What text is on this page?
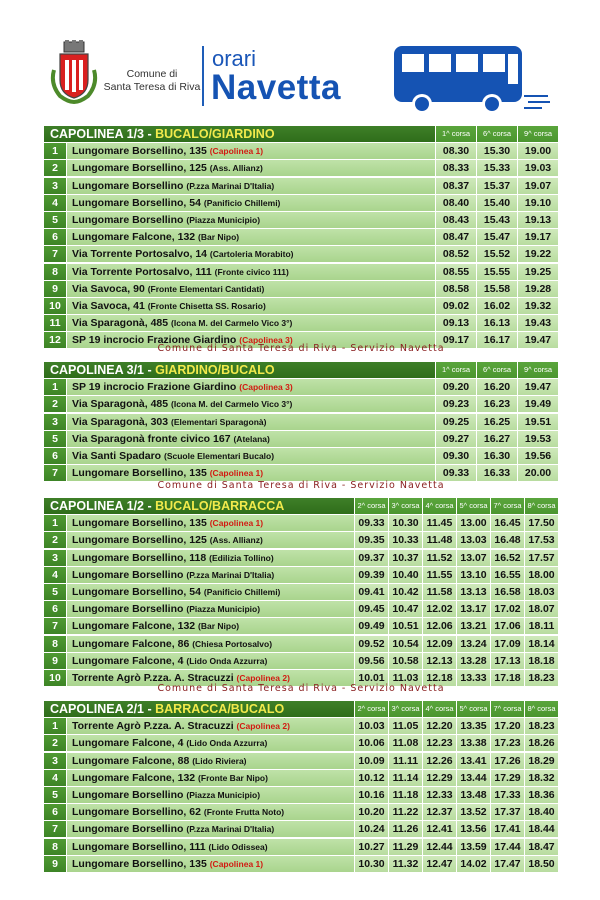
Comune di
Santa Teresa di Riva
orari
Navetta
CAPOLINEA 1/3 - BUCALO/GIARDINO	1^ corsa	6^ corsa	9^ corsa
1	Lungomare Borsellino, 135 (Capolinea 1)	08.30	15.30	19.00
2	Lungomare Borsellino, 125 (Ass. Allianz)	08.33	15.33	19.03
3	Lungomare Borsellino (P.zza Marinai D'Italia)	08.37	15.37	19.07
4	Lungomare Borsellino, 54 (Panificio Chillemi)	08.40	15.40	19.10
5	Lungomare Borsellino (Piazza Municipio)	08.43	15.43	19.13
6	Lungomare Falcone, 132 (Bar Nipo)	08.47	15.47	19.17
7	Via Torrente Portosalvo, 14 (Cartoleria Morabito)	08.52	15.52	19.22
8	Via Torrente Portosalvo, 111 (Fronte civico 111)	08.55	15.55	19.25
9	Via Savoca, 90 (Fronte Elementari Cantidati)	08.58	15.58	19.28
10	Via Savoca, 41 (Fronte Chisetta SS. Rosario)	09.02	16.02	19.32
11	Via Sparagonà, 485 (Icona M. del Carmelo Vico 3°)	09.13	16.13	19.43
12	SP 19 incrocio Frazione Giardino (Capolinea 3)	09.17	16.17	19.47
Comune di Santa Teresa di Riva - Servizio Navetta
CAPOLINEA 3/1 - GIARDINO/BUCALO	1^ corsa	6^ corsa	9^ corsa
1	SP 19 incrocio Frazione Giardino (Capolinea 3)	09.20	16.20	19.47
2	Via Sparagonà, 485 (Icona M. del Carmelo Vico 3°)	09.23	16.23	19.49
3	Via Sparagonà, 303 (Elementari Sparagonà)	09.25	16.25	19.51
5	Via Sparagonà fronte civico 167 (Atelana)	09.27	16.27	19.53
6	Via Santi Spadaro (Scuole Elementari Bucalo)	09.30	16.30	19.56
7	Lungomare Borsellino, 135 (Capolinea 1)	09.33	16.33	20.00
Comune di Santa Teresa di Riva - Servizio Navetta
CAPOLINEA 1/2 - BUCALO/BARRACCA	2^ corsa 3^ corsa 4^ corsa 5^ corsa 7^ corsa 8^ corsa
1	Lungomare Borsellino, 135 (Capolinea 1)	09.33 10.30 11.45 13.00 16.45 17.50
2	Lungomare Borsellino, 125 (Ass. Allianz)	09.35 10.33 11.48 13.03 16.48 17.53
3	Lungomare Borsellino, 118 (Edilizia Tollino)	09.37 10.37 11.52 13.07 16.52 17.57
4	Lungomare Borsellino (P.zza Marinai D'Italia)	09.39 10.40 11.55 13.10 16.55 18.00
5	Lungomare Borsellino, 54 (Panificio Chillemi)	09.41 10.42 11.58 13.13 16.58 18.03
6	Lungomare Borsellino (Piazza Municipio)	09.45 10.47 12.02 13.17 17.02 18.07
7	Lungomare Falcone, 132 (Bar Nipo)	09.49 10.51 12.06 13.21 17.06 18.11
8	Lungomare Falcone, 86 (Chiesa Portosalvo)	09.52 10.54 12.09 13.24 17.09 18.14
9	Lungomare Falcone, 4 (Lido Onda Azzurra)	09.56 10.58 12.13 13.28 17.13 18.18
10	Torrente Agrò P.zza. A. Stracuzzi (Capolinea 2)	10.01 11.03 12.18 13.33 17.18 18.23
Comune di Santa Teresa di Riva - Servizio Navetta
CAPOLINEA 2/1 - BARRACCA/BUCALO	2^ corsa 3^ corsa 4^ corsa 5^ corsa 7^ corsa 8^ corsa
1	Torrente Agrò P.zza. A. Stracuzzi (Capolinea 2)	10.03 11.05 12.20 13.35 17.20 18.23
2	Lungomare Falcone, 4 (Lido Onda Azzurra)	10.06 11.08 12.23 13.38 17.23 18.26
3	Lungomare Falcone, 88 (Lido Riviera)	10.09 11.11 12.26 13.41 17.26 18.29
4	Lungomare Falcone, 132 (Fronte Bar Nipo)	10.12 11.14 12.29 13.44 17.29 18.32
5	Lungomare Borsellino (Piazza Municipio)	10.16 11.18 12.33 13.48 17.33 18.36
6	Lungomare Borsellino, 62 (Fronte Frutta Noto)	10.20 11.22 12.37 13.52 17.37 18.40
7	Lungomare Borsellino (P.zza Marinai D'Italia)	10.24 11.26 12.41 13.56 17.41 18.44
8	Lungomare Borsellino, 111 (Lido Odissea)	10.27 11.29 12.44 13.59 17.44 18.47
9	Lungomare Borsellino, 135 (Capolinea 1)	10.30 11.32 12.47 14.02 17.47 18.50
